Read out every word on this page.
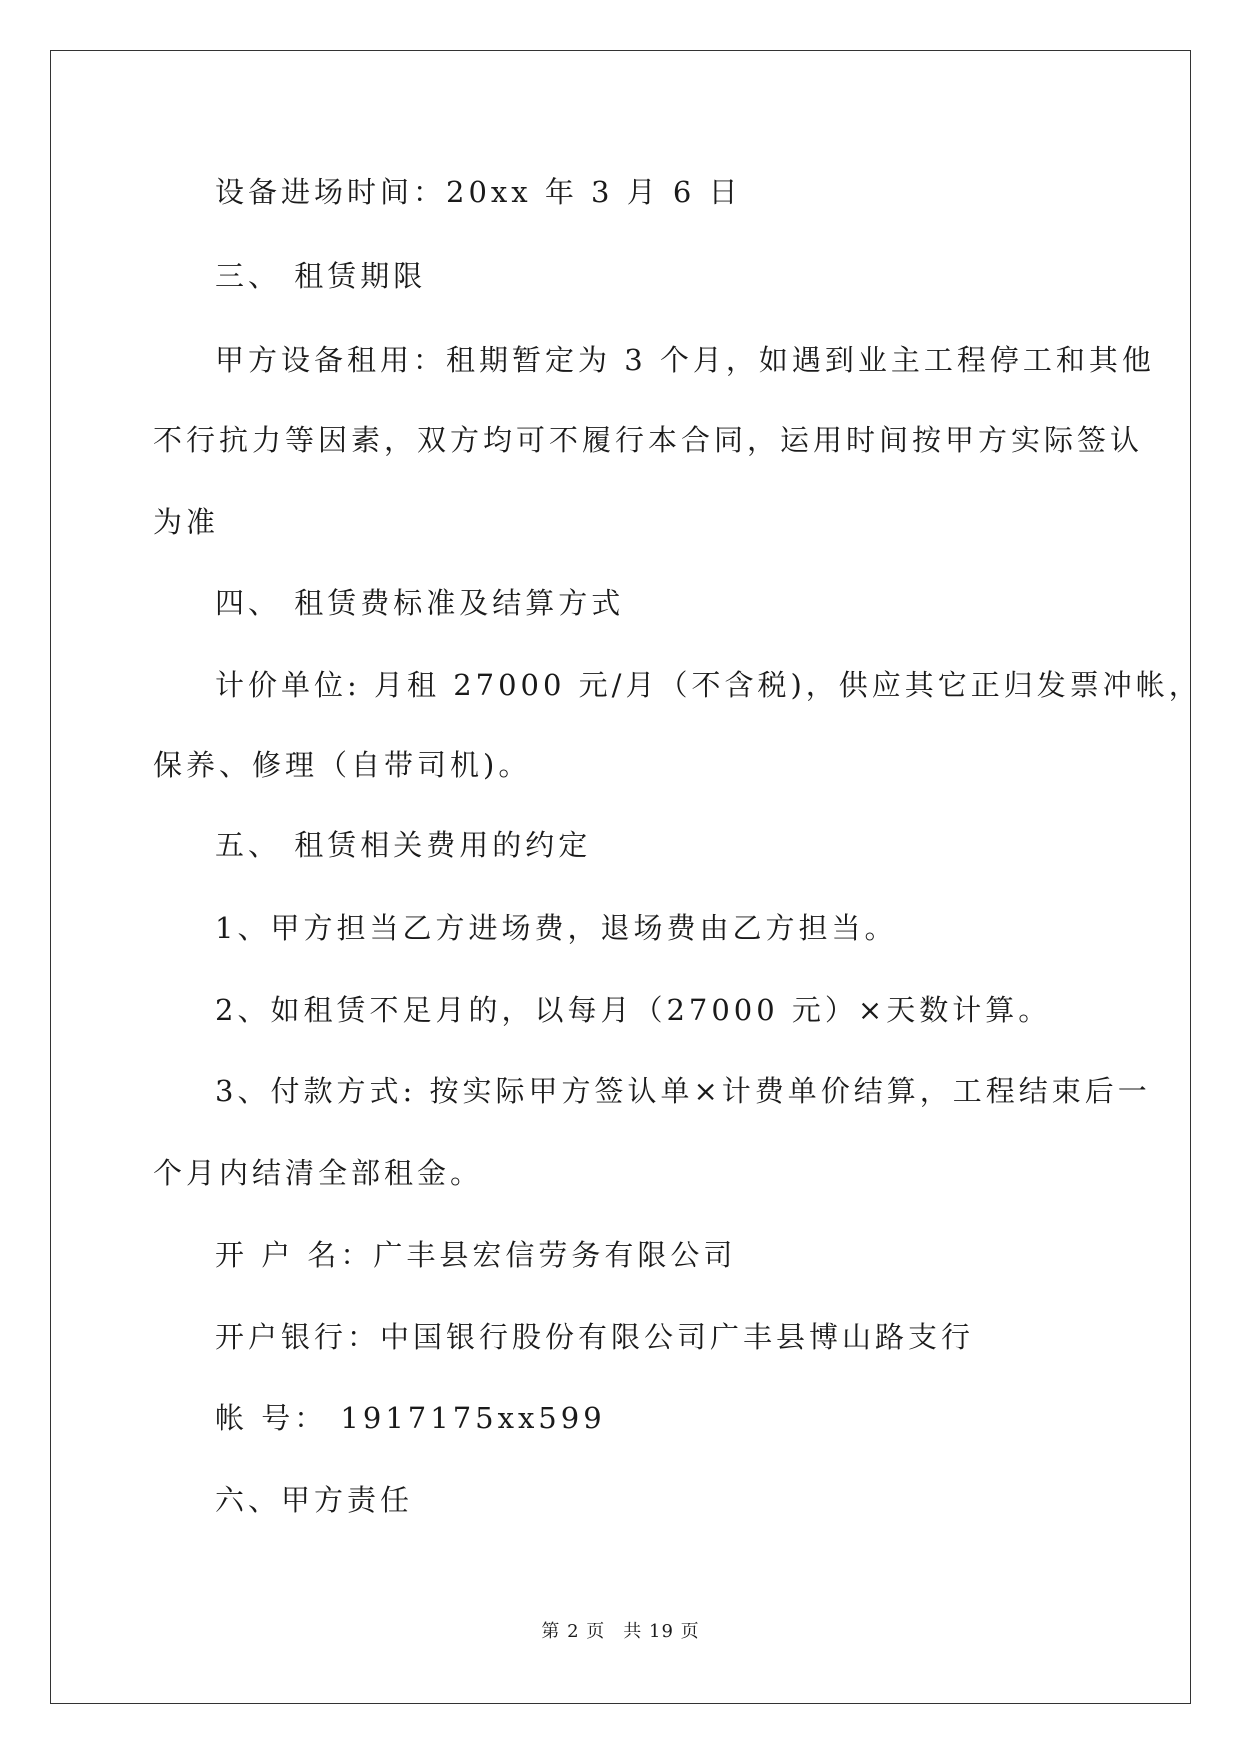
设备进场时间：20xx 年 3 月 6 日
三、 租赁期限
甲方设备租用：租期暂定为 3 个月，如遇到业主工程停工和其他
不行抗力等因素，双方均可不履行本合同，运用时间按甲方实际签认
为准
四、 租赁费标准及结算方式
计价单位: 月租 27000 元/月（不含税)，供应其它正归发票冲帐，
保养、修理（自带司机)。
五、 租赁相关费用的约定
1、甲方担当乙方进场费，退场费由乙方担当。
2、如租赁不足月的，以每月（27000 元）×天数计算。
3、付款方式: 按实际甲方签认单×计费单价结算，工程结束后一
个月内结清全部租金。
开 户 名：广丰县宏信劳务有限公司
开户银行：中国银行股份有限公司广丰县博山路支行
帐 号： 1917175xx599
六、甲方责任
第 2 页 共 19 页
